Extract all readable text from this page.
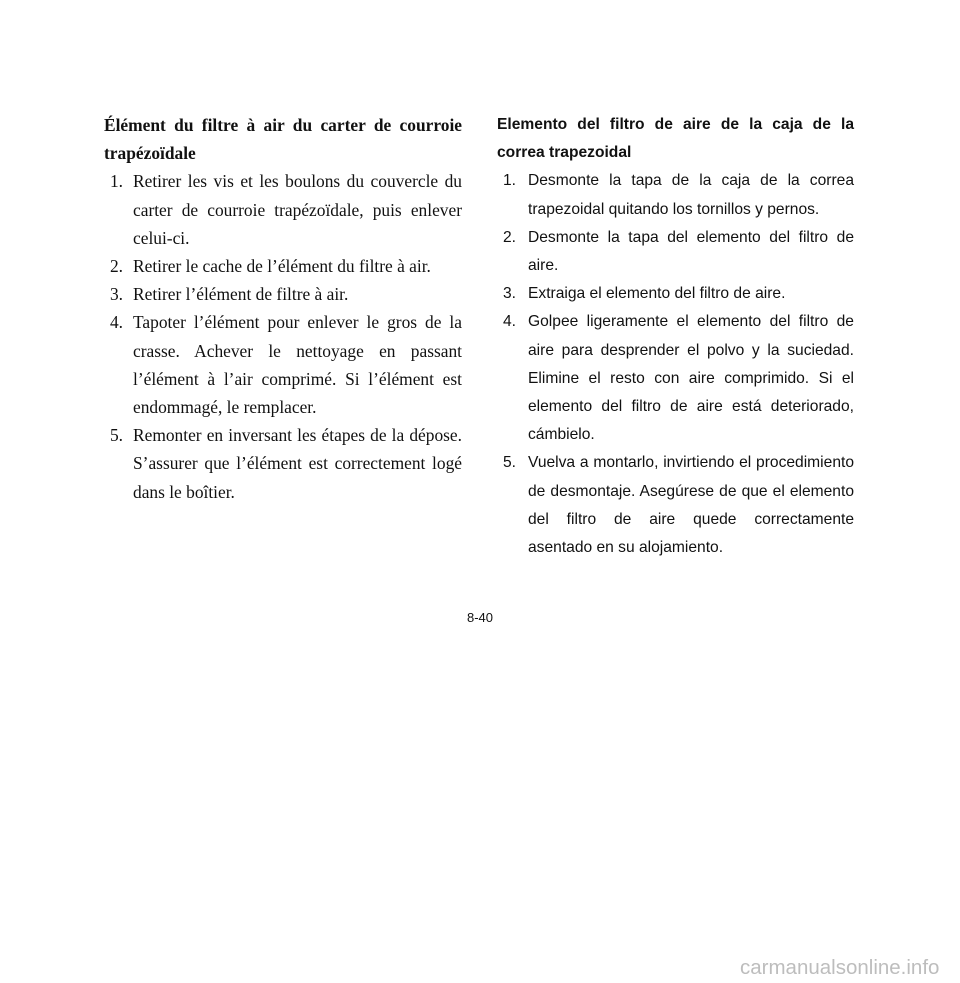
Élément du filtre à air du carter de courroie trapézoïdale

1. Retirer les vis et les boulons du couvercle du carter de courroie trapézoïdale, puis enlever celui-ci.
2. Retirer le cache de l’élément du filtre à air.
3. Retirer l’élément de filtre à air.
4. Tapoter l’élément pour enlever le gros de la crasse. Achever le nettoyage en passant l’élément à l’air comprimé. Si l’élément est endommagé, le remplacer.
5. Remonter en inversant les étapes de la dépose. S’assurer que l’élément est correctement logé dans le boîtier.

Elemento del filtro de aire de la caja de la correa trapezoidal

1. Desmonte la tapa de la caja de la correa trapezoidal quitando los tornillos y pernos.
2. Desmonte la tapa del elemento del filtro de aire.
3. Extraiga el elemento del filtro de aire.
4. Golpee ligeramente el elemento del filtro de aire para desprender el polvo y la suciedad. Elimine el resto con aire comprimido. Si el elemento del filtro de aire está deteriorado, cámbielo.
5. Vuelva a montarlo, invirtiendo el procedimiento de desmontaje. Asegúrese de que el elemento del filtro de aire quede correctamente asentado en su alojamiento.
8-40
carmanualsonline.info
